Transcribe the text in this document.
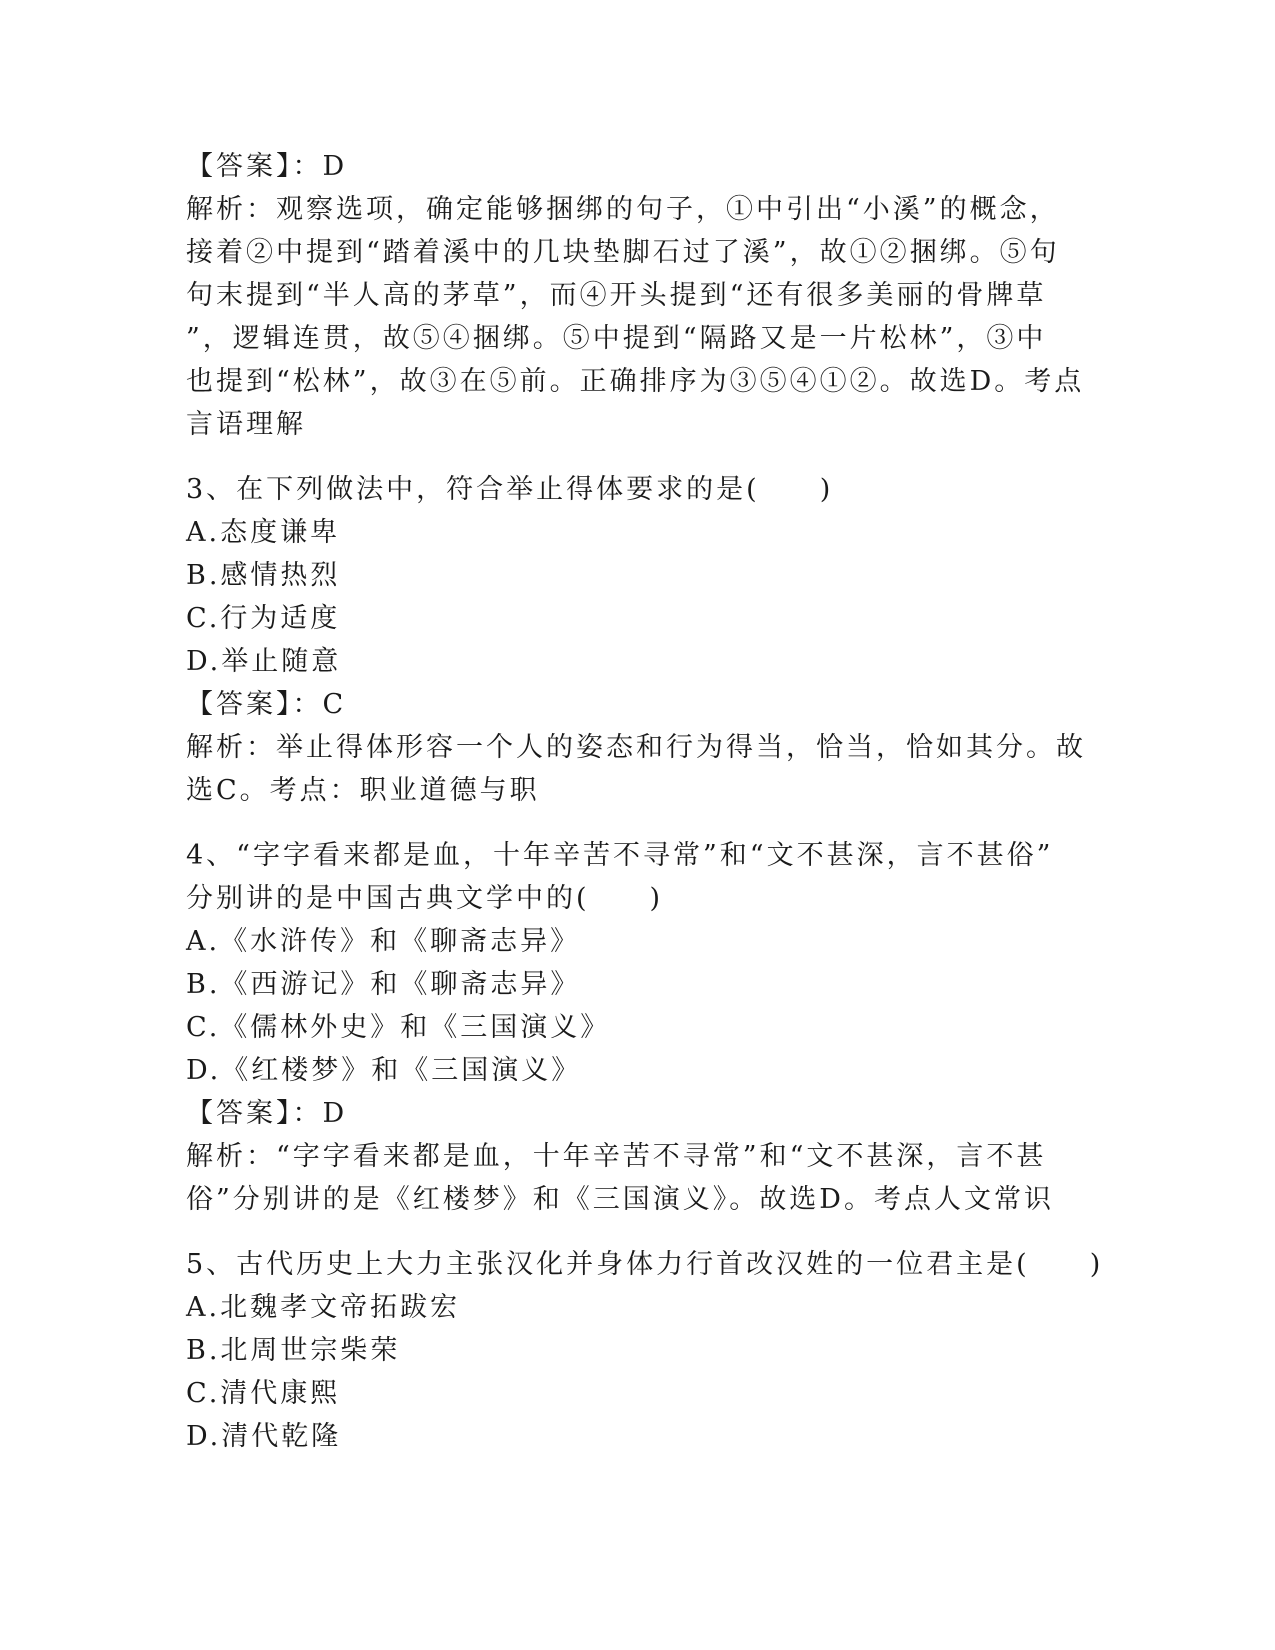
【答案】：D
解析：观察选项，确定能够捆绑的句子，①中引出“小溪”的概念，
接着②中提到“踏着溪中的几块垫脚石过了溪”，故①②捆绑。⑤句
句末提到“半人高的茅草”，而④开头提到“还有很多美丽的骨牌草
”，逻辑连贯，故⑤④捆绑。⑤中提到“隔路又是一片松林”，③中
也提到“松林”，故③在⑤前。正确排序为③⑤④①②。故选D。考点
言语理解
3、在下列做法中，符合举止得体要求的是(　　)
A.态度谦卑
B.感情热烈
C.行为适度
D.举止随意
【答案】：C
解析：举止得体形容一个人的姿态和行为得当，恰当，恰如其分。故
选C。考点：职业道德与职
4、“字字看来都是血，十年辛苦不寻常”和“文不甚深，言不甚俗”
分别讲的是中国古典文学中的(　　)
A.《水浒传》和《聊斋志异》
B.《西游记》和《聊斋志异》
C.《儒林外史》和《三国演义》
D.《红楼梦》和《三国演义》
【答案】：D
解析：“字字看来都是血，十年辛苦不寻常”和“文不甚深，言不甚
俗”分别讲的是《红楼梦》和《三国演义》。故选D。考点人文常识
5、古代历史上大力主张汉化并身体力行首改汉姓的一位君主是(　　)
A.北魏孝文帝拓跋宏
B.北周世宗柴荣
C.清代康熙
D.清代乾隆
